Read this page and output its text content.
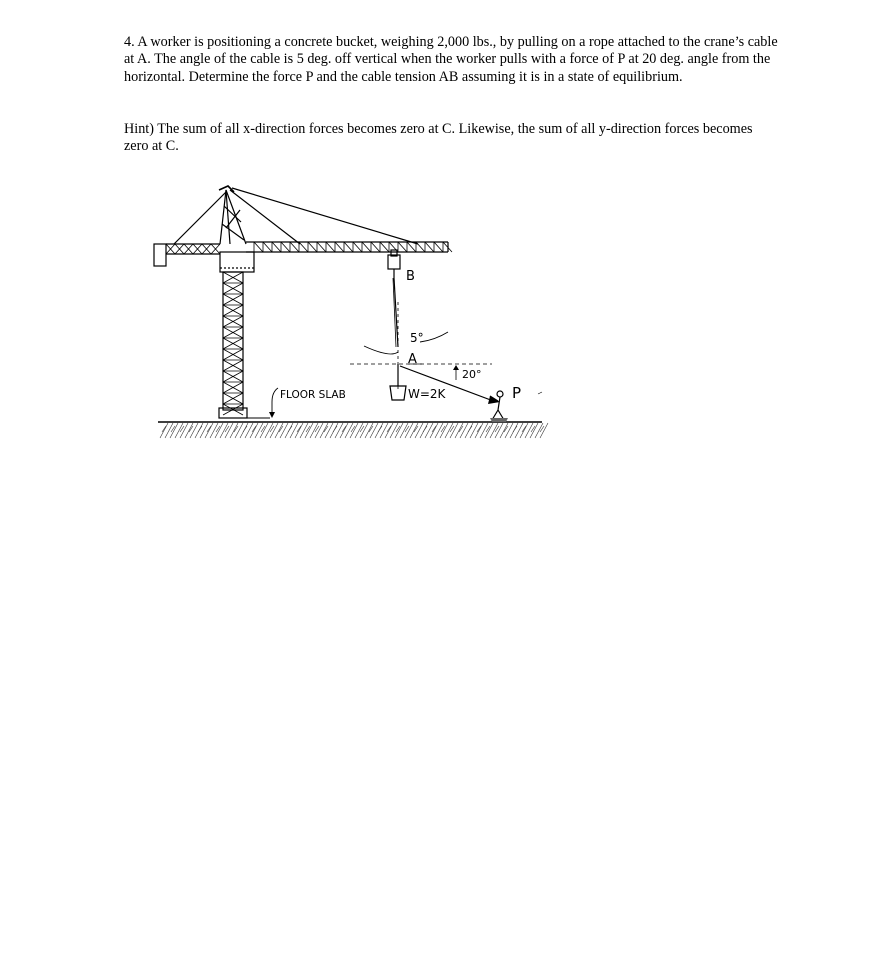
4. A worker is positioning a concrete bucket, weighing 2,000 lbs., by pulling on a rope attached to the crane’s cable at A. The angle of the cable is 5 deg. off vertical when the worker pulls with a force of P at 20 deg. angle from the horizontal. Determine the force P and the cable tension AB assuming it is in a state of equilibrium.

Hint) The sum of all x-direction forces becomes zero at C. Likewise, the sum of all y-direction forces becomes zero at C.

B
5°
A
20°
W=2K
FLOOR SLAB	P
